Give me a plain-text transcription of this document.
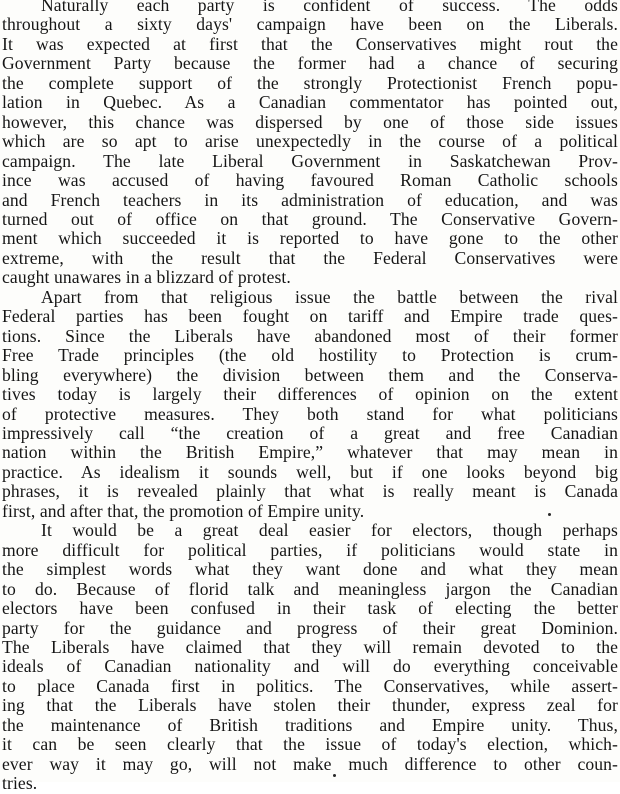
Naturally each party is confident of success. The odds
throughout a sixty days' campaign have been on the Liberals.
It was expected at first that the Conservatives might rout the
Government Party because the former had a chance of securing
the complete support of the strongly Protectionist French popu-
lation in Quebec. As a Canadian commentator has pointed out,
however, this chance was dispersed by one of those side issues
which are so apt to arise unexpectedly in the course of a political
campaign. The late Liberal Government in Saskatchewan Prov-
ince was accused of having favoured Roman Catholic schools
and French teachers in its administration of education, and was
turned out of office on that ground. The Conservative Govern-
ment which succeeded it is reported to have gone to the other
extreme, with the result that the Federal Conservatives were
caught unawares in a blizzard of protest.
Apart from that religious issue the battle between the rival
Federal parties has been fought on tariff and Empire trade ques-
tions. Since the Liberals have abandoned most of their former
Free Trade principles (the old hostility to Protection is crum-
bling everywhere) the division between them and the Conserva-
tives today is largely their differences of opinion on the extent
of protective measures. They both stand for what politicians
impressively call “the creation of a great and free Canadian
nation within the British Empire,” whatever that may mean in
practice. As idealism it sounds well, but if one looks beyond big
phrases, it is revealed plainly that what is really meant is Canada
first, and after that, the promotion of Empire unity.
It would be a great deal easier for electors, though perhaps
more difficult for political parties, if politicians would state in
the simplest words what they want done and what they mean
to do. Because of florid talk and meaningless jargon the Canadian
electors have been confused in their task of electing the better
party for the guidance and progress of their great Dominion.
The Liberals have claimed that they will remain devoted to the
ideals of Canadian nationality and will do everything conceivable
to place Canada first in politics. The Conservatives, while assert-
ing that the Liberals have stolen their thunder, express zeal for
the maintenance of British traditions and Empire unity. Thus,
it can be seen clearly that the issue of today's election, which-
ever way it may go, will not make much difference to other coun-
tries.
